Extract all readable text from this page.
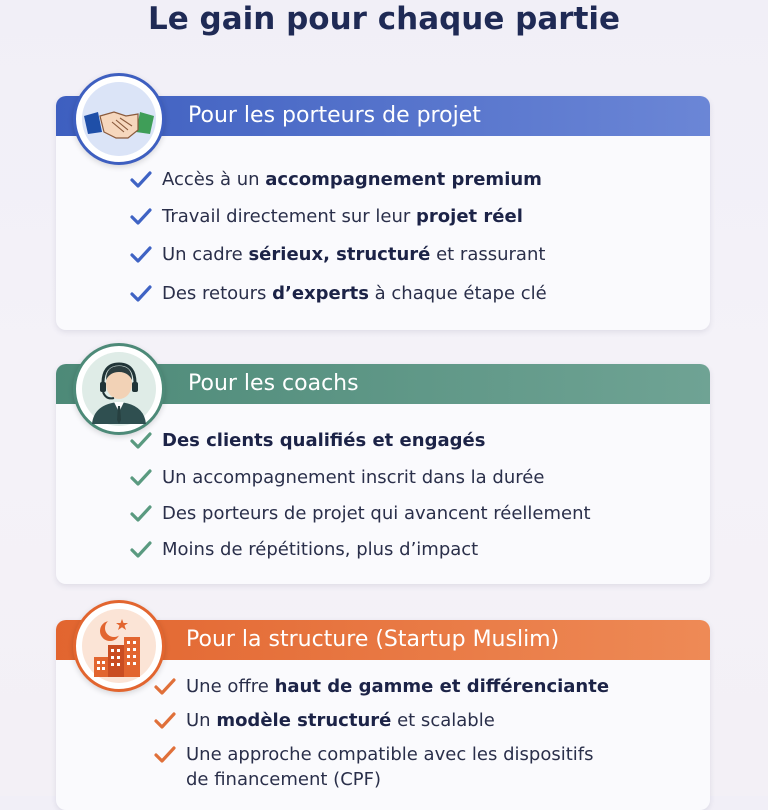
Le gain pour chaque partie
Pour les porteurs de projet
Accès à un accompagnement premium
Travail directement sur leur projet réel
Un cadre sérieux, structuré et rassurant
Des retours d’experts à chaque étape clé
Pour les coachs
Des clients qualifiés et engagés
Un accompagnement inscrit dans la durée
Des porteurs de projet qui avancent réellement
Moins de répétitions, plus d’impact
Pour la structure (Startup Muslim)
Une offre haut de gamme et différenciante
Un modèle structuré et scalable
Une approche compatible avec les dispositifs
de financement (CPF)
